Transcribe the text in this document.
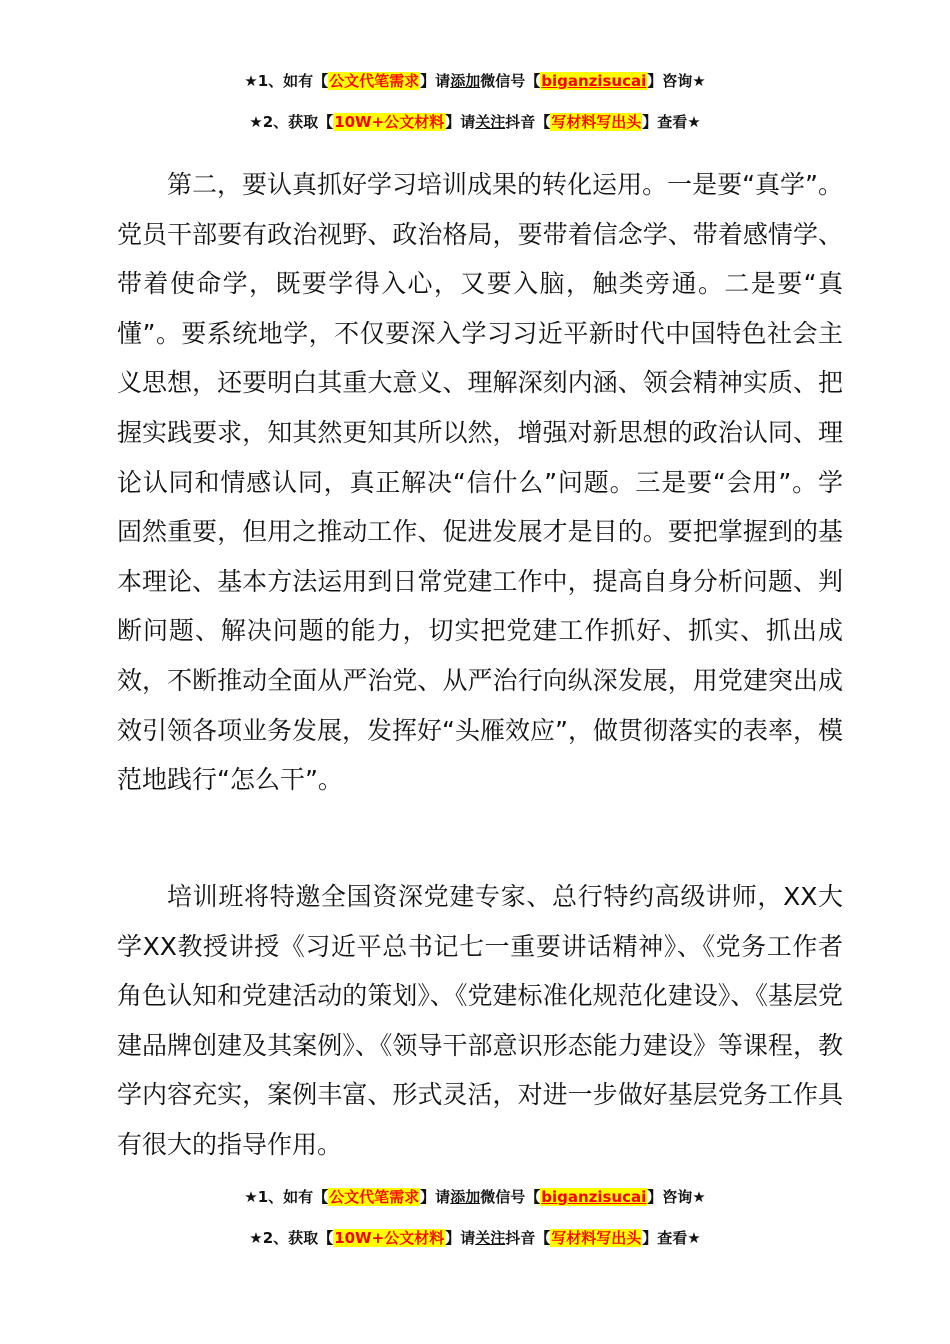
★1、如有【公文代笔需求】请添加微信号【biganzisucai】咨询★
★2、获取【10W+公文材料】请关注抖音【写材料写出头】查看★

第二，要认真抓好学习培训成果的转化运用。一是要“真学”。党员干部要有政治视野、政治格局，要带着信念学、带着感情学、带着使命学，既要学得入心，又要入脑，触类旁通。二是要“真懂”。要系统地学，不仅要深入学习习近平新时代中国特色社会主义思想，还要明白其重大意义、理解深刻内涵、领会精神实质、把握实践要求，知其然更知其所以然，增强对新思想的政治认同、理论认同和情感认同，真正解决“信什么”问题。三是要“会用”。学固然重要，但用之推动工作、促进发展才是目的。要把掌握到的基本理论、基本方法运用到日常党建工作中，提高自身分析问题、判断问题、解决问题的能力，切实把党建工作抓好、抓实、抓出成效，不断推动全面从严治党、从严治行向纵深发展，用党建突出成效引领各项业务发展，发挥好“头雁效应”，做贯彻落实的表率，模范地践行“怎么干”。

培训班将特邀全国资深党建专家、总行特约高级讲师，XX大学XX教授讲授《习近平总书记七一重要讲话精神》、《党务工作者角色认知和党建活动的策划》、《党建标准化规范化建设》、《基层党建品牌创建及其案例》、《领导干部意识形态能力建设》等课程，教学内容充实，案例丰富、形式灵活，对进一步做好基层党务工作具有很大的指导作用。

★1、如有【公文代笔需求】请添加微信号【biganzisucai】咨询★
★2、获取【10W+公文材料】请关注抖音【写材料写出头】查看★
